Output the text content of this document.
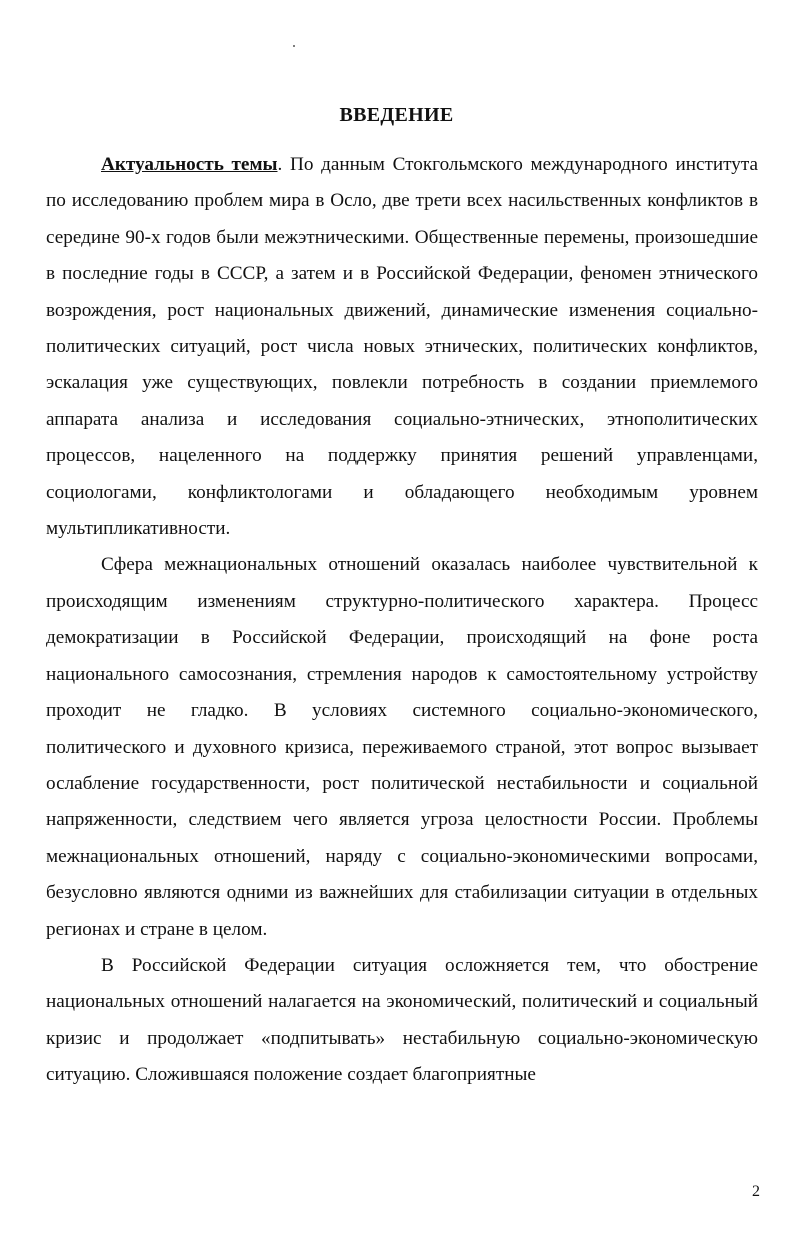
ВВЕДЕНИЕ

Актуальность темы. По данным Стокгольмского международного института по исследованию проблем мира в Осло, две трети всех насильственных конфликтов в середине 90-х годов были межэтническими. Общественные перемены, произошедшие в последние годы в СССР, а затем и в Российской Федерации, феномен этнического возрождения, рост национальных движений, динамические изменения социально-политических ситуаций, рост числа новых этнических, политических конфликтов, эскалация уже существующих, повлекли потребность в создании приемлемого аппарата анализа и исследования социально-этнических, этнополитических процессов, нацеленного на поддержку принятия решений управленцами, социологами, конфликтологами и обладающего необходимым уровнем мультипликативности.

Сфера межнациональных отношений оказалась наиболее чувствительной к происходящим изменениям структурно-политического характера. Процесс демократизации в Российской Федерации, происходящий на фоне роста национального самосознания, стремления народов к самостоятельному устройству проходит не гладко. В условиях системного социально-экономического, политического и духовного кризиса, переживаемого страной, этот вопрос вызывает ослабление государственности, рост политической нестабильности и социальной напряженности, следствием чего является угроза целостности России. Проблемы межнациональных отношений, наряду с социально-экономическими вопросами, безусловно являются одними из важнейших для стабилизации ситуации в отдельных регионах и стране в целом.

В Российской Федерации ситуация осложняется тем, что обострение национальных отношений налагается на экономический, политический и социальный кризис и продолжает «подпитывать» нестабильную социально-экономическую ситуацию. Сложившаяся положение создает благоприятные

2
